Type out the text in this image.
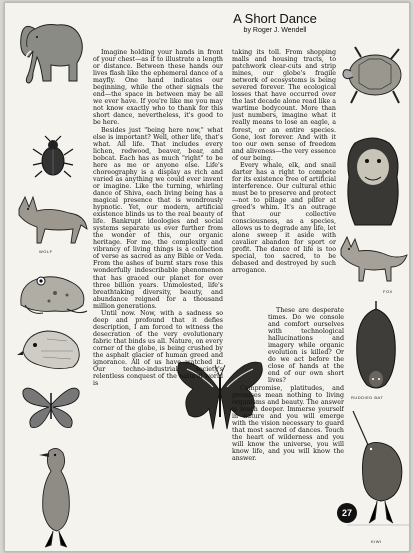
A Short Dance
by Roger J. Wendell
WOLF
FOX
RUDDIED BAT
KIWI

Imagine holding your hands in front of your chest—as if to illustrate a length or distance. Between these hands our lives flash like the ephemeral dance of a mayfly. One hand indicates our beginning, while the other signals the end—the space in between may be all we ever have. If you're like me you may not know exactly who to thank for this short dance, nevertheless, it's good to be here.

Besides just "being here now," what else is important? Well, other life, that's what. All life. That includes every lichen, redwood, beaver, bear, and bobcat. Each has as much "right" to be here as me or anyone else. Life's choreography is a display as rich and varied as anything we could ever invent or imagine. Like the turning, whirling dance of Shiva, each living being has a magical presence that is wondrously hypnotic. Yet, our modern, artificial existence blinds us to the real beauty of life. Bankrupt ideologies and social systems separate us ever further from the wonder of this, our organic heritage. For me, the complexity and vibrancy of living things is a collection of verse as sacred as any Bible or Veda. From the ashes of burnt stars rose this wonderfully indescribable phenomenon that has graced our planet for over three billion years. Unmolested, life's breathtaking diversity, beauty, and abundance reigned for a thousand million generations.

Until now. Now, with a sadness so deep and profound that it defies description, I am forced to witness the desecration of the very evolutionary fabric that binds us all. Nature, on every corner of the globe, is being crushed by the asphalt glacier of human greed and ignorance. All of us have watched it. Our techno-industrial society's relentless conquest of the natural world is

taking its toll. From shopping malls and housing tracts, to patchwork clear-cuts and strip mines, our globe's fragile network of ecosystems is being severed forever. The ecological losses that have occurred over the last decade alone read like a wartime bodycount. More than just numbers, imagine what it really means to lose an eagle, a forest, or an entire species. Gone, lost forever. And with it too our own sense of freedom and aliveness—the very essence of our being.

Every whale, elk, and snail darter has a right to compete for its existence free of artificial interference. Our cultural ethic must be to preserve and protect—not to pillage and pilfer at greed's whim. It's an outrage that our collective consciousness, as a species, allows us to degrade any life, let alone sweep it aside with cavalier abandon for sport or profit. The dance of life is too special, too sacred, to be debased and destroyed by such arrogance.

These are desperate times. Do we console and comfort ourselves with technological hallucinations and imagery while organic evolution is killed? Or do we act before the close of hands at the end of our own short lives?

Compromise, platitudes, and promises mean nothing to living organisms and beauty. The answer is much deeper. Immerse yourself in nature and you will emerge with the vision necessary to guard that most sacred of dances. Touch the heart of wilderness and you will know the universe, you will know life, and you will know the answer.

27
